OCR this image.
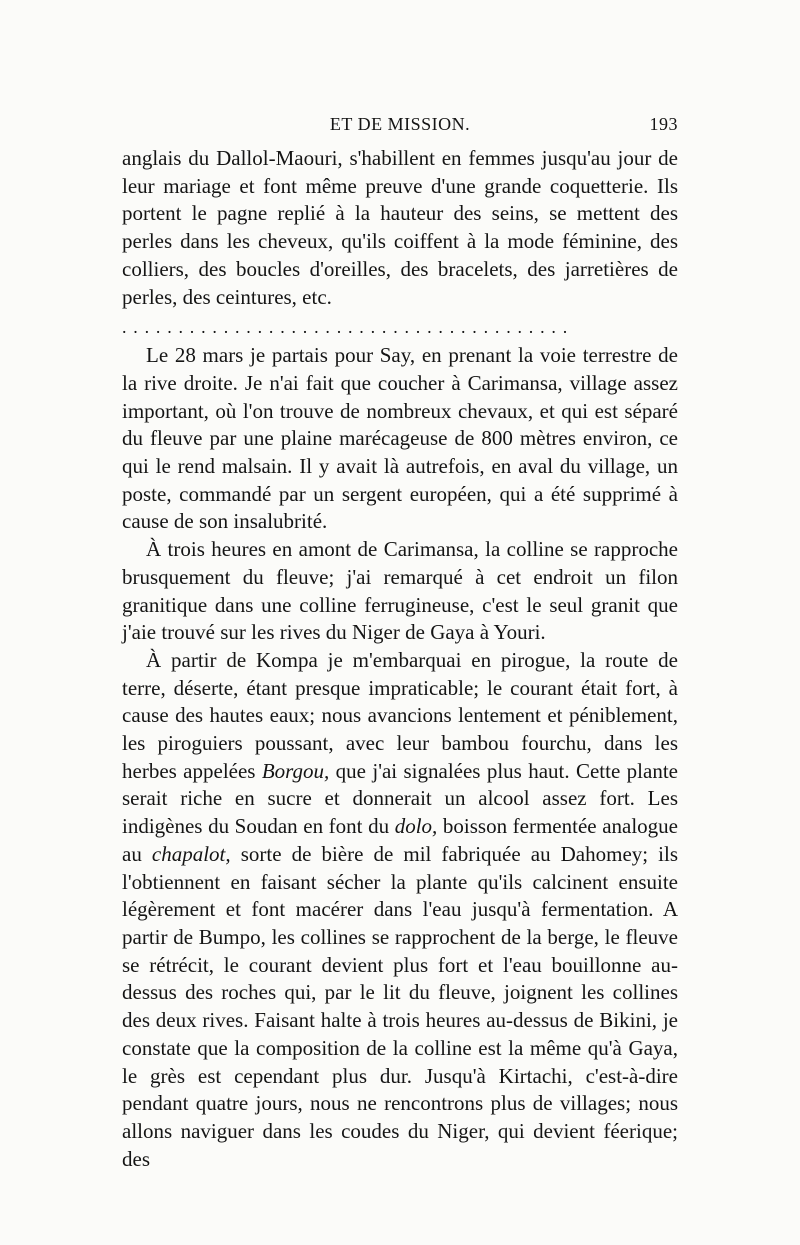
ET DE MISSION.	193

anglais du Dallol-Maouri, s'habillent en femmes jusqu'au jour de leur mariage et font même preuve d'une grande coquetterie. Ils portent le pagne replié à la hauteur des seins, se mettent des perles dans les cheveux, qu'ils coiffent à la mode féminine, des colliers, des boucles d'oreilles, des bracelets, des jarretières de perles, des ceintures, etc.

........................................

Le 28 mars je partais pour Say, en prenant la voie terrestre de la rive droite. Je n'ai fait que coucher à Carimansa, village assez important, où l'on trouve de nombreux chevaux, et qui est séparé du fleuve par une plaine marécageuse de 800 mètres environ, ce qui le rend malsain. Il y avait là autrefois, en aval du village, un poste, commandé par un sergent européen, qui a été supprimé à cause de son insalubrité.

À trois heures en amont de Carimansa, la colline se rapproche brusquement du fleuve; j'ai remarqué à cet endroit un filon granitique dans une colline ferrugineuse, c'est le seul granit que j'aie trouvé sur les rives du Niger de Gaya à Youri.

À partir de Kompa je m'embarquai en pirogue, la route de terre, déserte, étant presque impraticable; le courant était fort, à cause des hautes eaux; nous avancions lentement et péniblement, les piroguiers poussant, avec leur bambou fourchu, dans les herbes appelées Borgou, que j'ai signalées plus haut. Cette plante serait riche en sucre et donnerait un alcool assez fort. Les indigènes du Soudan en font du dolo, boisson fermentée analogue au chapalot, sorte de bière de mil fabriquée au Dahomey; ils l'obtiennent en faisant sécher la plante qu'ils calcinent ensuite légèrement et font macérer dans l'eau jusqu'à fermentation. A partir de Bumpo, les collines se rapprochent de la berge, le fleuve se rétrécit, le courant devient plus fort et l'eau bouillonne au-dessus des roches qui, par le lit du fleuve, joignent les collines des deux rives. Faisant halte à trois heures au-dessus de Bikini, je constate que la composition de la colline est la même qu'à Gaya, le grès est cependant plus dur. Jusqu'à Kirtachi, c'est-à-dire pendant quatre jours, nous ne rencontrons plus de villages; nous allons naviguer dans les coudes du Niger, qui devient féerique; des
